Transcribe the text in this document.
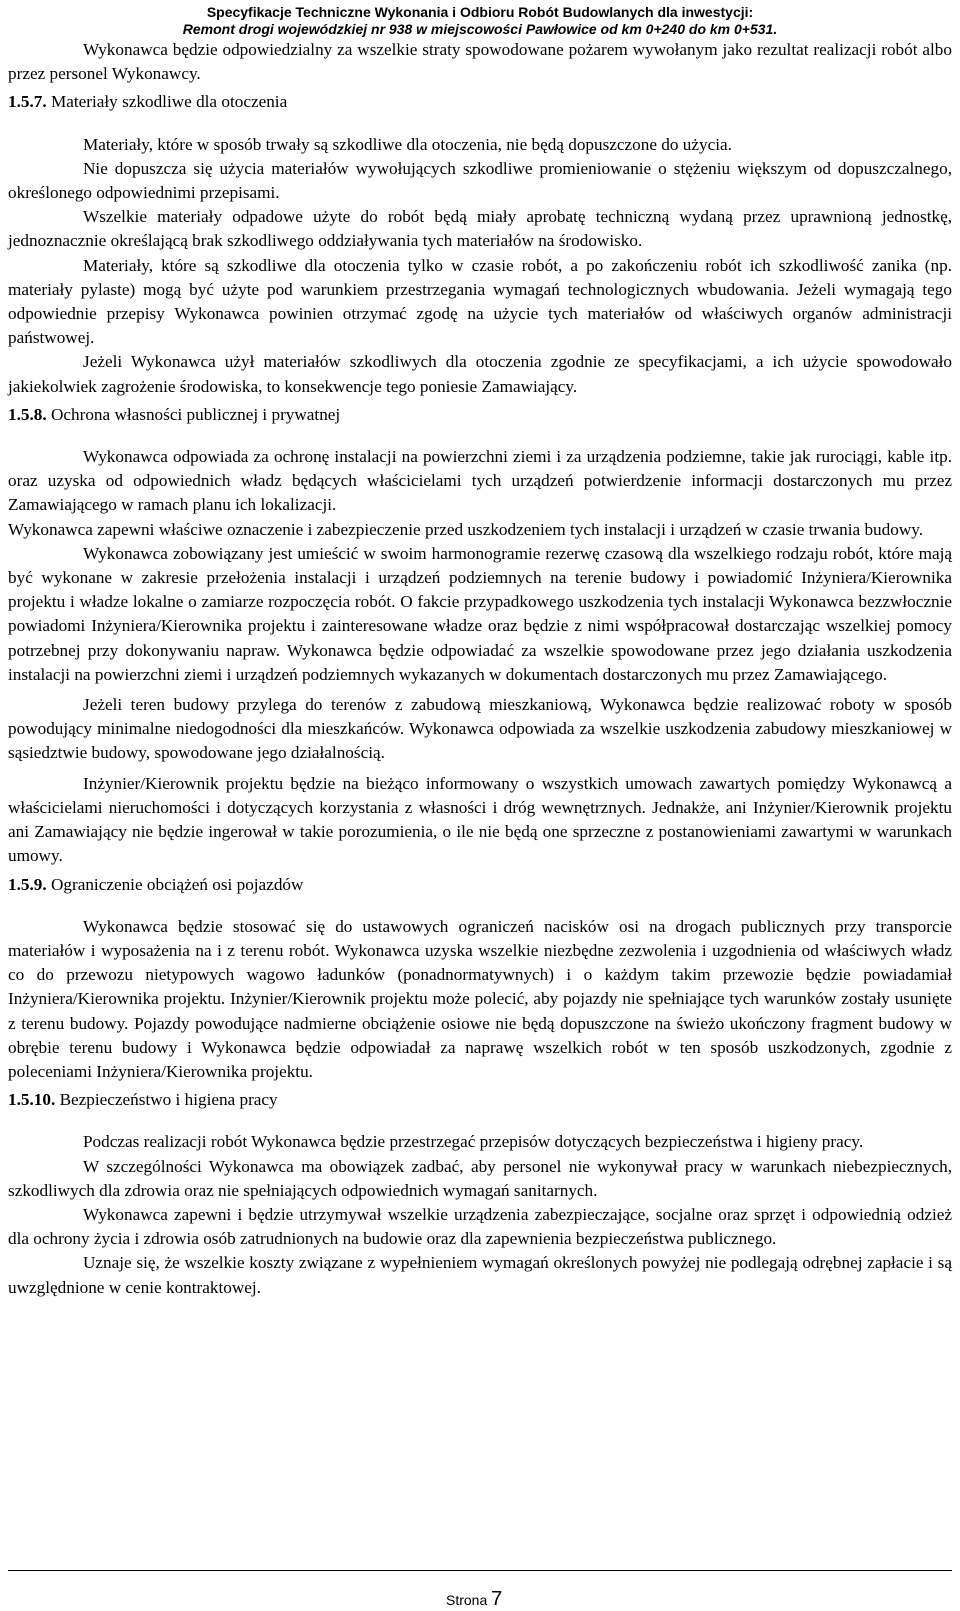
Specyfikacje Techniczne Wykonania i Odbioru Robót Budowlanych dla inwestycji:
Remont drogi wojewódzkiej nr 938 w miejscowości Pawłowice od km 0+240 do km 0+531.

Wykonawca będzie odpowiedzialny za wszelkie straty spowodowane pożarem wywołanym jako rezultat realizacji robót albo przez personel Wykonawcy.

1.5.7. Materiały szkodliwe dla otoczenia

Materiały, które w sposób trwały są szkodliwe dla otoczenia, nie będą dopuszczone do użycia.

Nie dopuszcza się użycia materiałów wywołujących szkodliwe promieniowanie o stężeniu większym od dopuszczalnego, określonego odpowiednimi przepisami.

Wszelkie materiały odpadowe użyte do robót będą miały aprobatę techniczną wydaną przez uprawnioną jednostkę, jednoznacznie określającą brak szkodliwego oddziaływania tych materiałów na środowisko.

Materiały, które są szkodliwe dla otoczenia tylko w czasie robót, a po zakończeniu robót ich szkodliwość zanika (np. materiały pylaste) mogą być użyte pod warunkiem przestrzegania wymagań technologicznych wbudowania. Jeżeli wymagają tego odpowiednie przepisy Wykonawca powinien otrzymać zgodę na użycie tych materiałów od właściwych organów administracji państwowej.

Jeżeli Wykonawca użył materiałów szkodliwych dla otoczenia zgodnie ze specyfikacjami, a ich użycie spowodowało jakiekolwiek zagrożenie środowiska, to konsekwencje tego poniesie Zamawiający.

1.5.8. Ochrona własności publicznej i prywatnej

Wykonawca odpowiada za ochronę instalacji na powierzchni ziemi i za urządzenia podziemne, takie jak rurociągi, kable itp. oraz uzyska od odpowiednich władz będących właścicielami tych urządzeń potwierdzenie informacji dostarczonych mu przez Zamawiającego w ramach planu ich lokalizacji.

Wykonawca zapewni właściwe oznaczenie i zabezpieczenie przed uszkodzeniem tych instalacji i urządzeń w czasie trwania budowy.

Wykonawca zobowiązany jest umieścić w swoim harmonogramie rezerwę czasową dla wszelkiego rodzaju robót, które mają być wykonane w zakresie przełożenia instalacji i urządzeń podziemnych na terenie budowy i powiadomić Inżyniera/Kierownika projektu i władze lokalne o zamiarze rozpoczęcia robót. O fakcie przypadkowego uszkodzenia tych instalacji Wykonawca bezzwłocznie powiadomi Inżyniera/Kierownika projektu i zainteresowane władze oraz będzie z nimi współpracował dostarczając wszelkiej pomocy potrzebnej przy dokonywaniu napraw. Wykonawca będzie odpowiadać za wszelkie spowodowane przez jego działania uszkodzenia instalacji na powierzchni ziemi i urządzeń podziemnych wykazanych w dokumentach dostarczonych mu przez Zamawiającego.

Jeżeli teren budowy przylega do terenów z zabudową mieszkaniową, Wykonawca będzie realizować roboty w sposób powodujący minimalne niedogodności dla mieszkańców. Wykonawca odpowiada za wszelkie uszkodzenia zabudowy mieszkaniowej w sąsiedztwie budowy, spowodowane jego działalnością.

Inżynier/Kierownik projektu będzie na bieżąco informowany o wszystkich umowach zawartych pomiędzy Wykonawcą a właścicielami nieruchomości i dotyczących korzystania z własności i dróg wewnętrznych. Jednakże, ani Inżynier/Kierownik projektu ani Zamawiający nie będzie ingerował w takie porozumienia, o ile nie będą one sprzeczne z postanowieniami zawartymi w warunkach umowy.

1.5.9. Ograniczenie obciążeń osi pojazdów

Wykonawca będzie stosować się do ustawowych ograniczeń nacisków osi na drogach publicznych przy transporcie materiałów i wyposażenia na i z terenu robót. Wykonawca uzyska wszelkie niezbędne zezwolenia i uzgodnienia od właściwych władz co do przewozu nietypowych wagowo ładunków (ponadnormatywnych) i o każdym takim przewozie będzie powiadamiał Inżyniera/Kierownika projektu. Inżynier/Kierownik projektu może polecić, aby pojazdy nie spełniające tych warunków zostały usunięte z terenu budowy. Pojazdy powodujące nadmierne obciążenie osiowe nie będą dopuszczone na świeżo ukończony fragment budowy w obrębie terenu budowy i Wykonawca będzie odpowiadał za naprawę wszelkich robót w ten sposób uszkodzonych, zgodnie z poleceniami Inżyniera/Kierownika projektu.

1.5.10. Bezpieczeństwo i higiena pracy

Podczas realizacji robót Wykonawca będzie przestrzegać przepisów dotyczących bezpieczeństwa i higieny pracy.

W szczególności Wykonawca ma obowiązek zadbać, aby personel nie wykonywał pracy w warunkach niebezpiecznych, szkodliwych dla zdrowia oraz nie spełniających odpowiednich wymagań sanitarnych.

Wykonawca zapewni i będzie utrzymywał wszelkie urządzenia zabezpieczające, socjalne oraz sprzęt i odpowiednią odzież dla ochrony życia i zdrowia osób zatrudnionych na budowie oraz dla zapewnienia bezpieczeństwa publicznego.

Uznaje się, że wszelkie koszty związane z wypełnieniem wymagań określonych powyżej nie podlegają odrębnej zapłacie i są uwzględnione w cenie kontraktowej.

Strona 7
